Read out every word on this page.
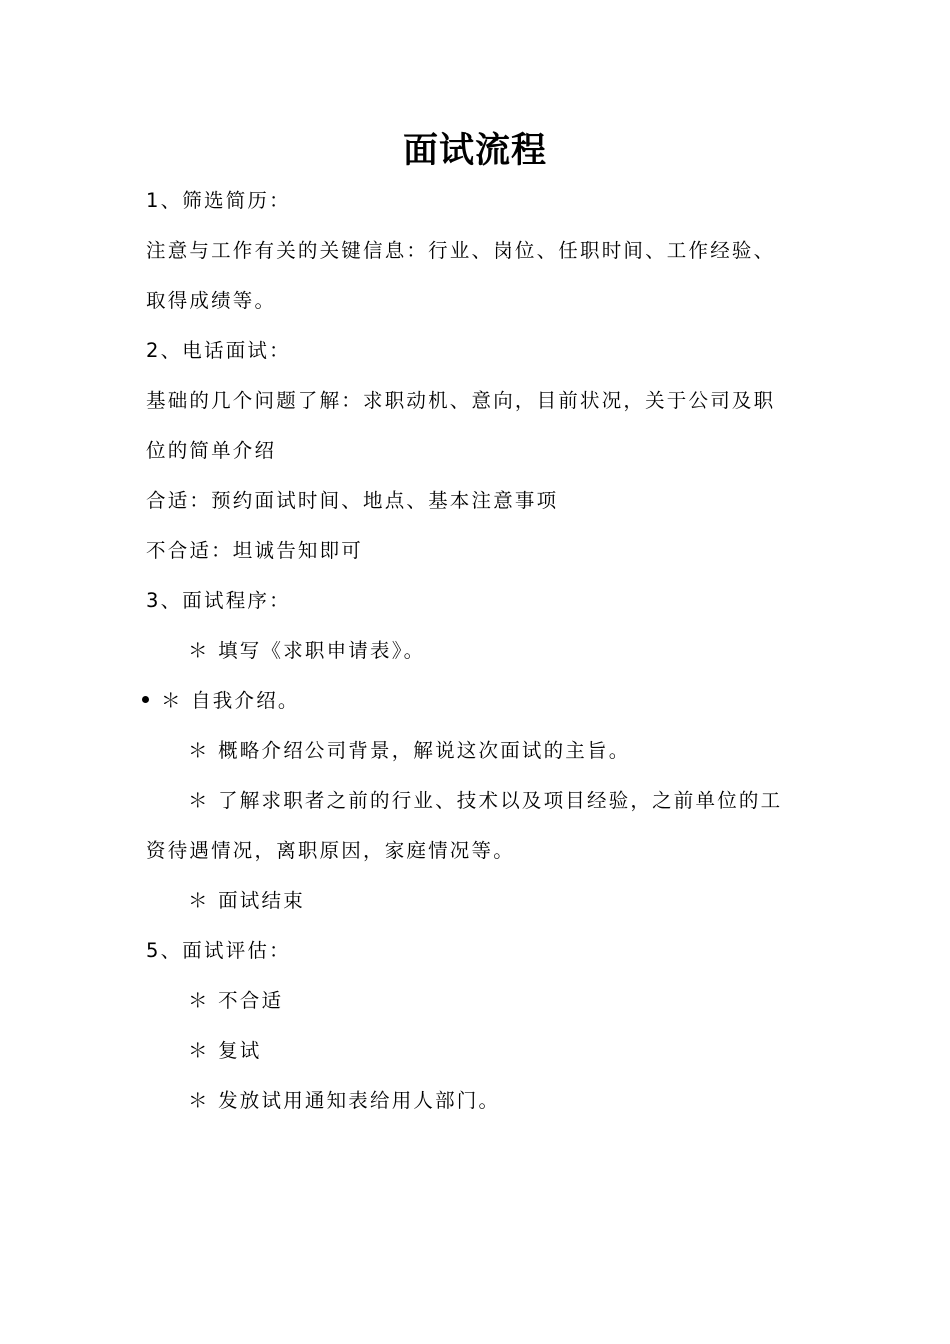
面试流程
1、筛选简历：
注意与工作有关的关键信息：行业、岗位、任职时间、工作经验、
取得成绩等。
2、电话面试：
基础的几个问题了解：求职动机、意向，目前状况，关于公司及职
位的简单介绍
合适：预约面试时间、地点、基本注意事项
不合适：坦诚告知即可
3、面试程序：
＊ 填写《求职申请表》。
＊ 自我介绍。
＊ 概略介绍公司背景，解说这次面试的主旨。
＊ 了解求职者之前的行业、技术以及项目经验，之前单位的工
资待遇情况，离职原因，家庭情况等。
＊ 面试结束
5、面试评估：
＊ 不合适
＊ 复试
＊ 发放试用通知表给用人部门。
